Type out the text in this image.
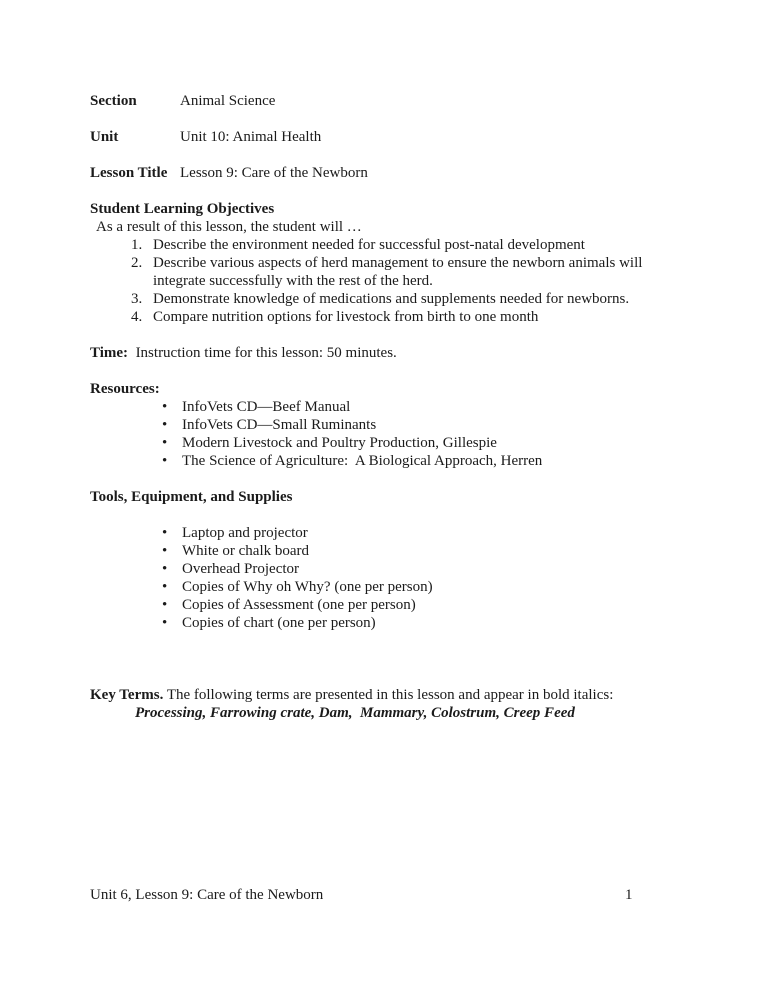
Section	Animal Science
Unit	Unit 10: Animal Health
Lesson Title Lesson 9: Care of the Newborn
Student Learning Objectives
As a result of this lesson, the student will …
1. Describe the environment needed for successful post-natal development
2. Describe various aspects of herd management to ensure the newborn animals will integrate successfully with the rest of the herd.
3. Demonstrate knowledge of medications and supplements needed for newborns.
4. Compare nutrition options for livestock from birth to one month
Time:  Instruction time for this lesson: 50 minutes.
Resources:
• InfoVets CD—Beef Manual
• InfoVets CD—Small Ruminants
• Modern Livestock and Poultry Production, Gillespie
• The Science of Agriculture:  A Biological Approach, Herren
Tools, Equipment, and Supplies
• Laptop and projector
• White or chalk board
• Overhead Projector
• Copies of Why oh Why? (one per person)
• Copies of Assessment (one per person)
• Copies of chart (one per person)
Key Terms. The following terms are presented in this lesson and appear in bold italics:
Processing, Farrowing crate, Dam,  Mammary, Colostrum, Creep Feed
Unit 6, Lesson 9: Care of the Newborn	1
